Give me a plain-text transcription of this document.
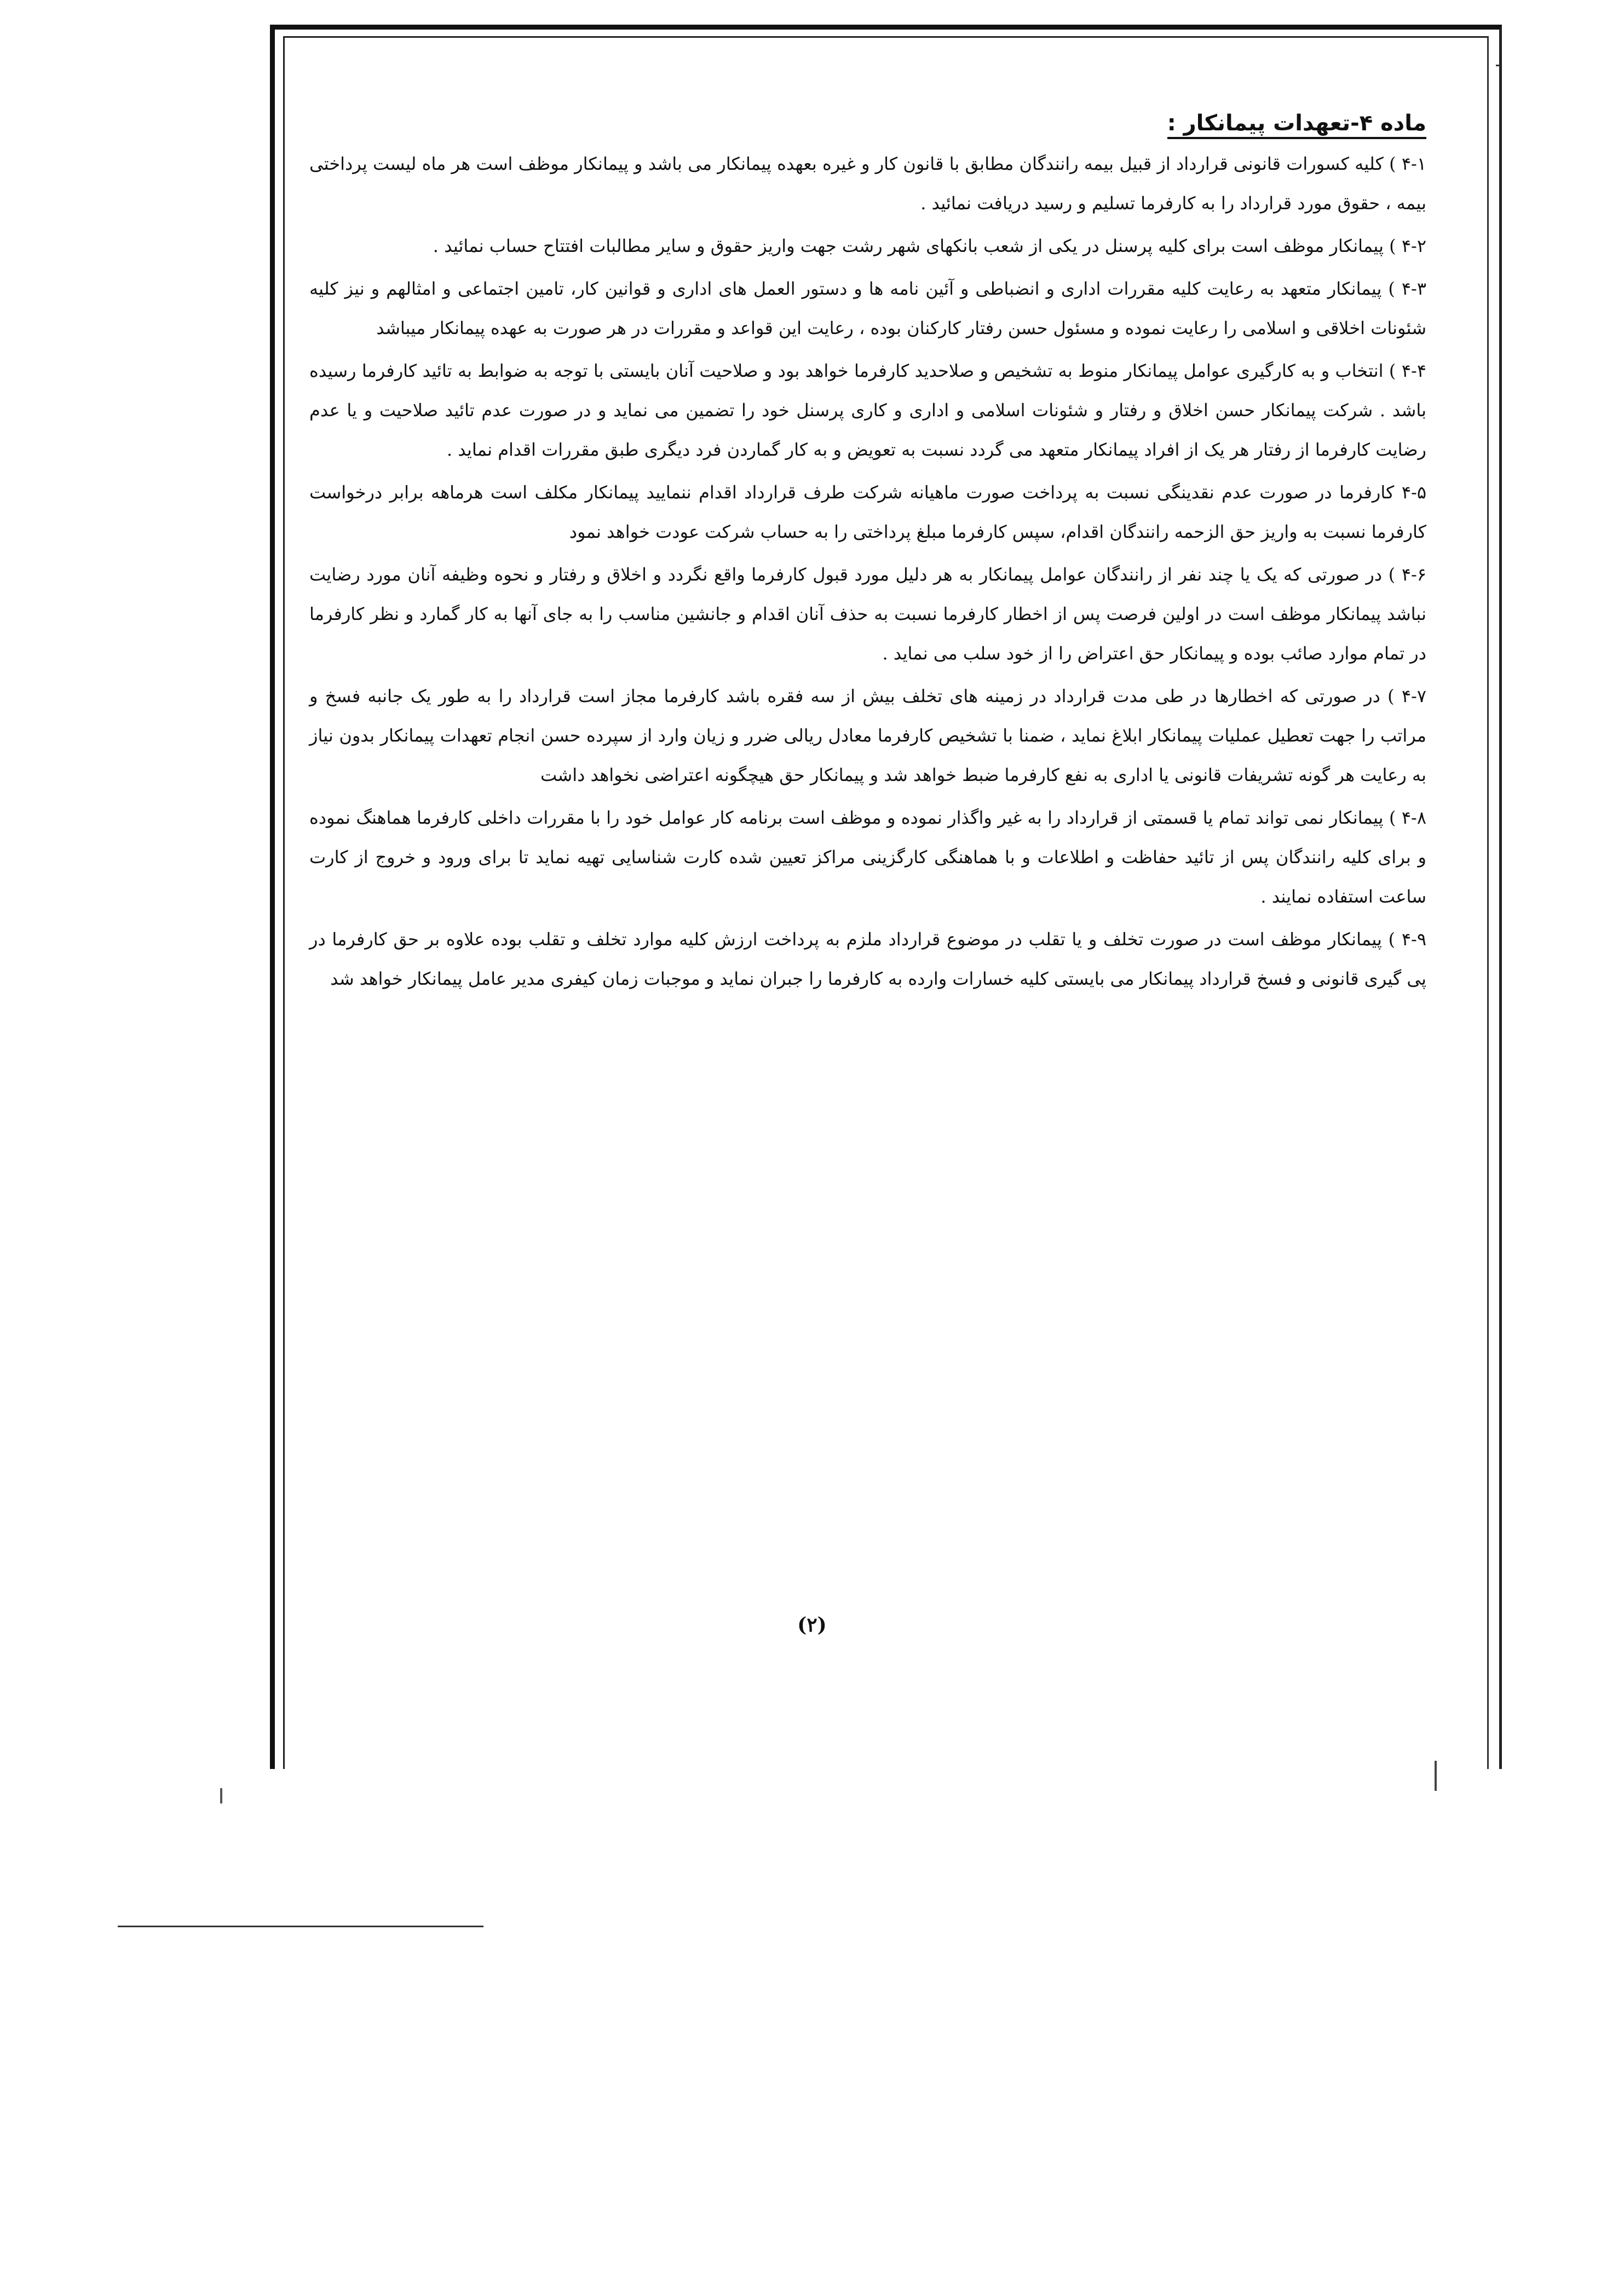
ماده ۴-تعهدات پیمانکار :

۴-۱ ) کلیه کسورات قانونی قرارداد از قبیل بیمه رانندگان مطابق با قانون کار و غیره بعهده پیمانکار می باشد و پیمانکار موظف است هر ماه لیست پرداختی بیمه ، حقوق مورد قرارداد را به کارفرما تسلیم و رسید دریافت نمائید .

۴-۲ ) پیمانکار موظف است برای کلیه پرسنل در یکی از شعب بانکهای شهر رشت جهت واریز حقوق و سایر مطالبات افتتاح حساب نمائید .

۴-۳ ) پیمانکار متعهد به رعایت کلیه مقررات اداری و انضباطی و آئین نامه ها و دستور العمل های اداری و قوانین کار، تامین اجتماعی و امثالهم و نیز کلیه شئونات اخلاقی و اسلامی را رعایت نموده و مسئول حسن رفتار کارکنان بوده ، رعایت این قواعد و مقررات در هر صورت به عهده پیمانکار میباشد

۴-۴ ) انتخاب و به کارگیری عوامل پیمانکار منوط به تشخیص و صلاحدید کارفرما خواهد بود و صلاحیت آنان بایستی با توجه به ضوابط به تائید کارفرما رسیده باشد . شرکت پیمانکار حسن اخلاق و رفتار و شئونات اسلامی و اداری و کاری پرسنل خود را تضمین می نماید و در صورت عدم تائید صلاحیت و یا عدم رضایت کارفرما از رفتار هر یک از افراد پیمانکار متعهد می گردد نسبت به تعویض و به کار گماردن فرد دیگری طبق مقررات اقدام نماید .

۴-۵ کارفرما در صورت عدم نقدینگی نسبت به پرداخت صورت ماهیانه شرکت طرف قرارداد اقدام ننمایید پیمانکار مکلف است هرماهه برابر درخواست کارفرما نسبت به واریز حق الزحمه رانندگان اقدام، سپس کارفرما مبلغ پرداختی را به حساب شرکت عودت خواهد نمود

۴-۶ ) در صورتی که یک یا چند نفر از رانندگان عوامل پیمانکار به هر دلیل مورد قبول کارفرما واقع نگردد و اخلاق و رفتار و نحوه وظیفه آنان مورد رضایت نباشد پیمانکار موظف است در اولین فرصت پس از اخطار کارفرما نسبت به حذف آنان اقدام و جانشین مناسب را به جای آنها به کار گمارد و نظر کارفرما در تمام موارد صائب بوده و پیمانکار حق اعتراض را از خود سلب می نماید .

۴-۷ ) در صورتی که اخطارها در طی مدت قرارداد در زمینه های تخلف بیش از سه فقره باشد کارفرما مجاز است قرارداد را به طور یک جانبه فسخ و مراتب را جهت تعطیل عملیات پیمانکار ابلاغ نماید ، ضمنا با تشخیص کارفرما معادل ریالی ضرر و زیان وارد از سپرده حسن انجام تعهدات پیمانکار بدون نیاز به رعایت هر گونه تشریفات قانونی یا اداری به نفع کارفرما ضبط خواهد شد و پیمانکار حق هیچگونه اعتراضی نخواهد داشت

۴-۸ ) پیمانکار نمی تواند تمام یا قسمتی از قرارداد را به غیر واگذار نموده و موظف است برنامه کار عوامل خود را با مقررات داخلی کارفرما هماهنگ نموده و برای کلیه رانندگان پس از تائید حفاظت و اطلاعات و با هماهنگی کارگزینی مراکز تعیین شده کارت شناسایی تهیه نماید تا برای ورود و خروج از کارت ساعت استفاده نمایند .

۴-۹ ) پیمانکار موظف است در صورت تخلف و یا تقلب در موضوع قرارداد ملزم به پرداخت ارزش کلیه موارد تخلف و تقلب بوده علاوه بر حق کارفرما در پی گیری قانونی و فسخ قرارداد پیمانکار می بایستی کلیه خسارات وارده به کارفرما را جبران نماید و موجبات زمان کیفری مدیر عامل پیمانکار خواهد شد

(۲)
